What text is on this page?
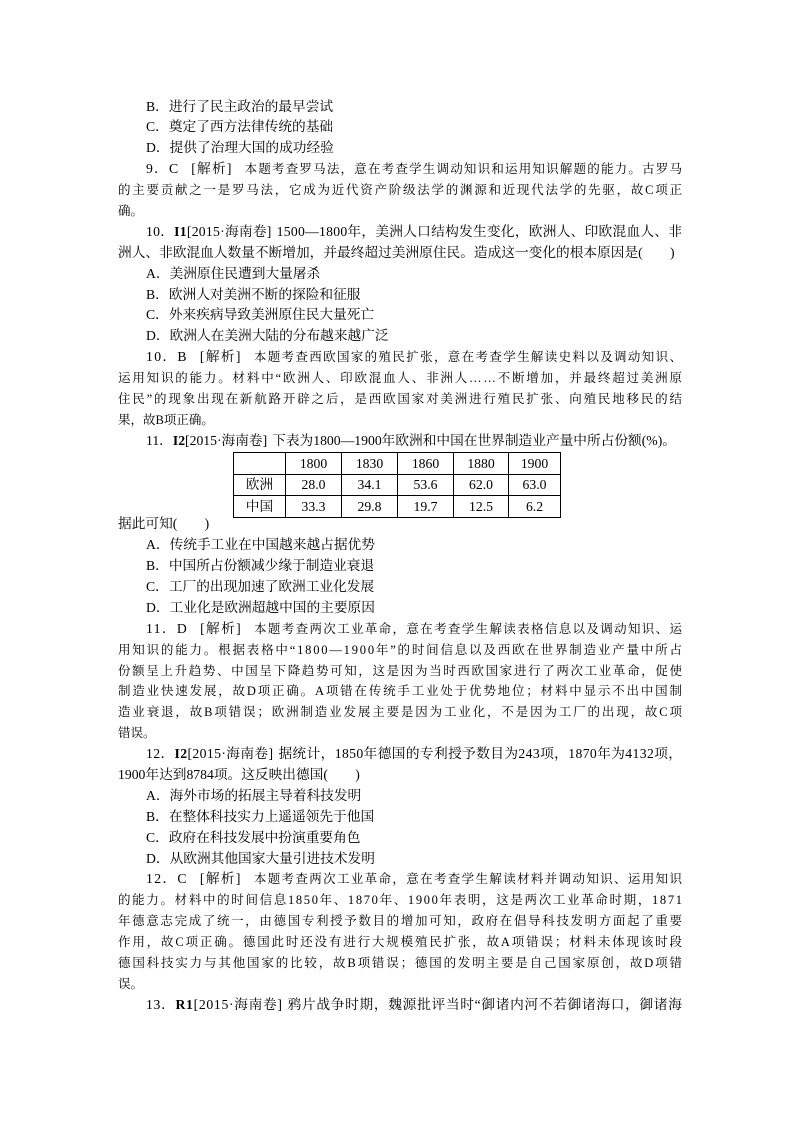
B．进行了民主政治的最早尝试
C．奠定了西方法律传统的基础
D．提供了治理大国的成功经验
9．C [解析] 本题考查罗马法，意在考查学生调动知识和运用知识解题的能力。古罗马
的主要贡献之一是罗马法，它成为近代资产阶级法学的渊源和近现代法学的先驱，故C项正
确。
10．I1[2015·海南卷] 1500—1800年，美洲人口结构发生变化，欧洲人、印欧混血人、非
洲人、非欧混血人数量不断增加，并最终超过美洲原住民。造成这一变化的根本原因是(　　)
A．美洲原住民遭到大量屠杀
B．欧洲人对美洲不断的探险和征服
C．外来疾病导致美洲原住民大量死亡
D．欧洲人在美洲大陆的分布越来越广泛
10．B [解析] 本题考查西欧国家的殖民扩张，意在考查学生解读史料以及调动知识、
运用知识的能力。材料中“欧洲人、印欧混血人、非洲人……不断增加，并最终超过美洲原
住民”的现象出现在新航路开辟之后，是西欧国家对美洲进行殖民扩张、向殖民地移民的结
果，故B项正确。
11．I2[2015·海南卷] 下表为1800—1900年欧洲和中国在世界制造业产量中所占份额(%)。
	1800	1830	1860	1880	1900
欧洲	28.0	34.1	53.6	62.0	63.0
中国	33.3	29.8	19.7	12.5	6.2
据此可知(　　)
A．传统手工业在中国越来越占据优势
B．中国所占份额减少缘于制造业衰退
C．工厂的出现加速了欧洲工业化发展
D．工业化是欧洲超越中国的主要原因
11．D [解析] 本题考查两次工业革命，意在考查学生解读表格信息以及调动知识、运
用知识的能力。根据表格中“1800—1900年”的时间信息以及西欧在世界制造业产量中所占
份额呈上升趋势、中国呈下降趋势可知，这是因为当时西欧国家进行了两次工业革命，促使
制造业快速发展，故D项正确。A项错在传统手工业处于优势地位；材料中显示不出中国制
造业衰退，故B项错误；欧洲制造业发展主要是因为工业化，不是因为工厂的出现，故C项
错误。
12．I2[2015·海南卷] 据统计，1850年德国的专利授予数目为243项，1870年为4132项，
1900年达到8784项。这反映出德国(　　)
A．海外市场的拓展主导着科技发明
B．在整体科技实力上遥遥领先于他国
C．政府在科技发展中扮演重要角色
D．从欧洲其他国家大量引进技术发明
12．C [解析] 本题考查两次工业革命，意在考查学生解读材料并调动知识、运用知识
的能力。材料中的时间信息1850年、1870年、1900年表明，这是两次工业革命时期，1871
年德意志完成了统一，由德国专利授予数目的增加可知，政府在倡导科技发明方面起了重要
作用，故C项正确。德国此时还没有进行大规模殖民扩张，故A项错误；材料未体现该时段
德国科技实力与其他国家的比较，故B项错误；德国的发明主要是自己国家原创，故D项错
误。
13．R1[2015·海南卷] 鸦片战争时期，魏源批评当时“御诸内河不若御诸海口，御诸海
